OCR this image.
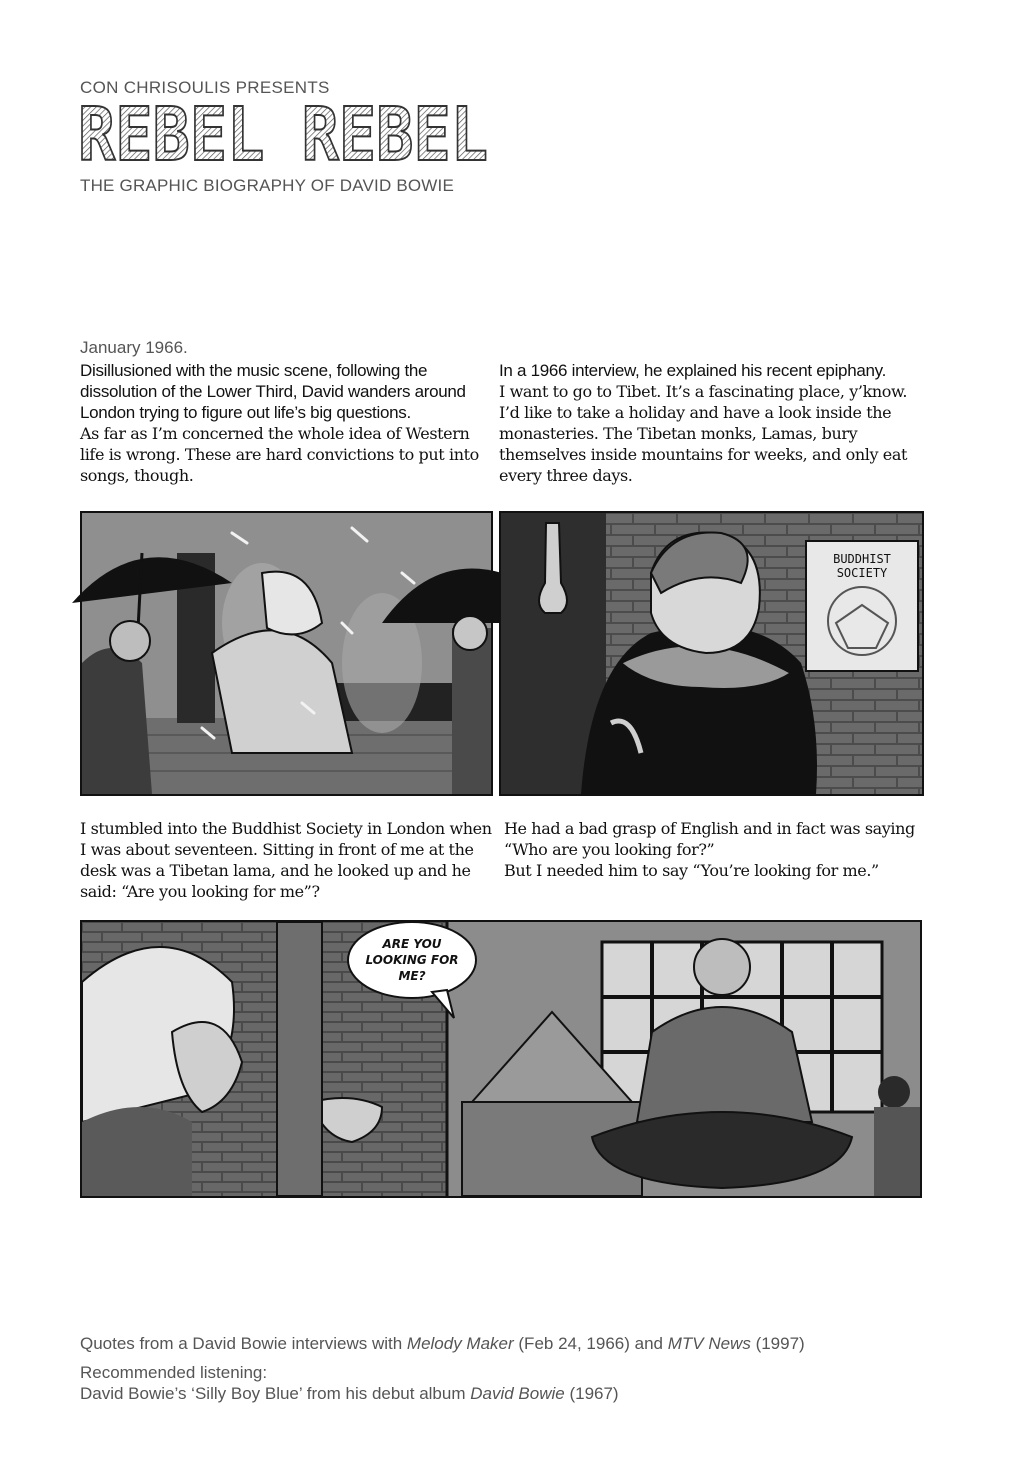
CON CHRISOULIS PRESENTS
REBEL REBEL
THE GRAPHIC BIOGRAPHY OF DAVID BOWIE
January 1966.
Disillusioned with the music scene, following the dissolution of the Lower Third, David wanders around London trying to figure out life’s big questions.
As far as I’m concerned the whole idea of Western life is wrong. These are hard convictions to put into songs, though.
In a 1966 interview, he explained his recent epiphany.
I want to go to Tibet. It’s a fascinating place, y’know. I’d like to take a holiday and have a look inside the monasteries. The Tibetan monks, Lamas, bury themselves inside mountains for weeks, and only eat every three days.
BUDDHIST
SOCIETY
I stumbled into the Buddhist Society in London when I was about seventeen. Sitting in front of me at the desk was a Tibetan lama, and he looked up and he said: “Are you looking for me”?
He had a bad grasp of English and in fact was saying “Who are you looking for?”
But I needed him to say “You’re looking for me.”
ARE YOU
LOOKING FOR
ME?
Quotes from a David Bowie interviews with Melody Maker (Feb 24, 1966) and MTV News (1997)
Recommended listening:
David Bowie’s ‘Silly Boy Blue’ from his debut album David Bowie (1967)
